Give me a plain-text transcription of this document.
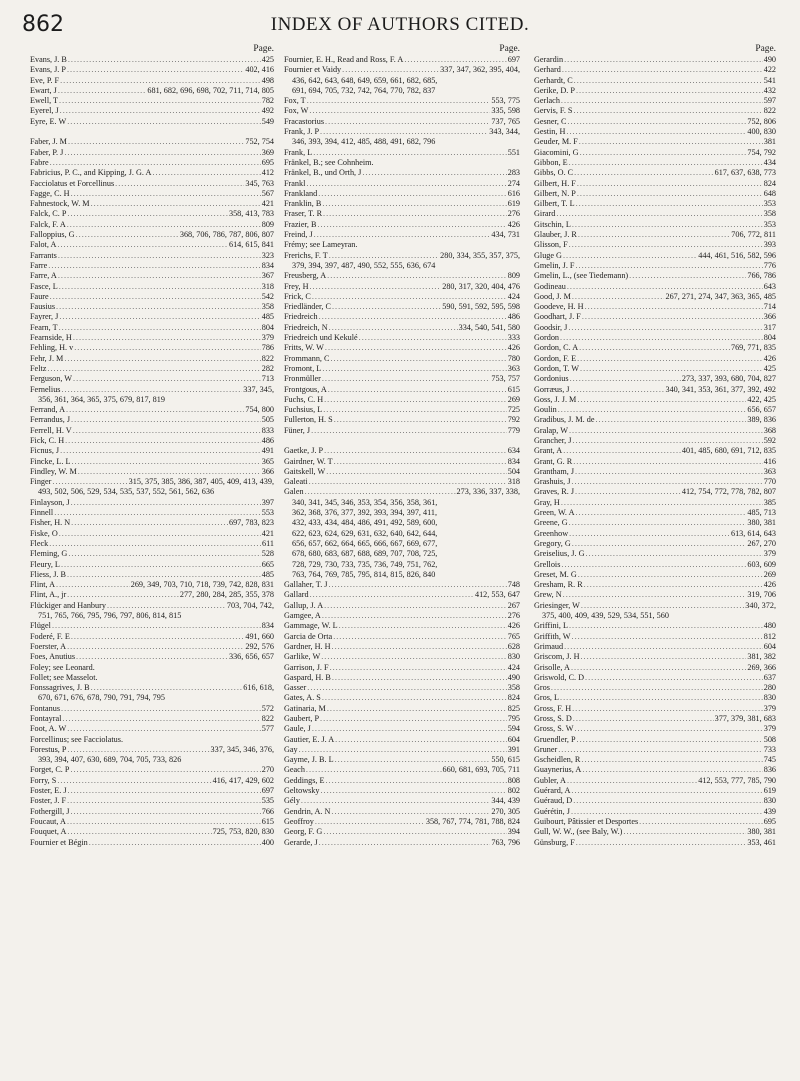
862	INDEX OF AUTHORS CITED.
Page.
Evans, J. B .....	425
Evans, J. P .....	402, 416
Eve, P. F .....	498
Ewart, J .....	681, 682, 696, 698, 702, 711, 714, 805
Ewell, T .....	782
Eyerel, J .....	492
Eyre, E. W .....	549
Faber, J. M .....	752, 754
Faber, P. J .....	369
Fabre .....	695
Fabricius, P. C., and Kipping, J. G. A .....	412
Facciolatus et Forcellinus .....	345, 763
Fagge, C. H .....	567
Fahnestock, W. M .....	421
Falck, C. P .....	358, 413, 783
Falck, F. A .....	809
Falloppius, G .....	368, 706, 786, 787, 806, 807
Falot, A .....	614, 615, 841
Farrants .....	323
Farre .....	834
Farre, A .....	367
Fasce, L .....	318
Faure .....	542
Fausius .....	358
Fayrer, J .....	485
Fearn, T .....	804
Fearnside, H .....	379
Fehling, H. v .....	786
Fehr, J. M .....	822
Feltz .....	282
Ferguson, W .....	713
Fernelius .....	337, 345,
356, 361, 364, 365, 375, 679, 817, 819
Ferrand, A .....	754, 800
Ferrandus, J .....	505
Ferrell, H. V .....	833
Fick, C. H .....	486
Ficnus, J .....	491
Fincke, L. L .....	365
Findley, W. M .....	366
Finger .....	315, 375, 385, 386, 387, 405, 409, 413, 439,
493, 502, 506, 529, 534, 535, 537, 552, 561, 562, 636
Finlayson, J .....	397
Finnell .....	553
Fisher, H. N .....	697, 783, 823
Fiske, O .....	421
Fleck .....	611
Fleming, G .....	528
Fleury, L .....	665
Fliess, J. B .....	485
Flint, A .....	269, 349, 703, 710, 718, 739, 742, 828, 831
Flint, A., jr .....	277, 280, 284, 285, 355, 378
Flückiger and Hanbury .....	703, 704, 742,
751, 765, 766, 795, 796, 797, 806, 814, 815
Flügel .....	834
Foderé, F. E .....	491, 660
Foerster, A .....	292, 576
Foes, Anutius .....	336, 656, 657
Foley; see Leonard.
Follet; see Masselot.
Fonssagrives, J. B .....	616, 618,
670, 671, 676, 678, 790, 791, 794, 795
Fontanus .....	572
Fontayral .....	822
Foot, A. W .....	577
Forcellinus; see Facciolatus.
Forestus, P .....	337, 345, 346, 376,
393, 394, 407, 630, 689, 704, 705, 733, 826
Forget, C. P .....	270
Forry, S .....	416, 417, 429, 602
Foster, E. J .....	697
Foster, J. F .....	535
Fothergill, J .....	766
Foucaut, A .....	615
Fouquet, A .....	725, 753, 820, 830
Fournier et Bégin .....	400
Page.
Fournier, E. H., Read and Ross, F. A .....	697
Fournier et Vaidy .....	337, 347, 362, 395, 404,
436, 642, 643, 648, 649, 659, 661, 682, 685,
691, 694, 705, 732, 742, 764, 770, 782, 837
Fox, T .....	553, 775
Fox, W .....	335, 598
Fracastorius .....	737, 765
Frank, J. P .....	343, 344,
346, 393, 394, 412, 485, 488, 491, 682, 796
Frank, L .....	551
Fränkel, B.; see Cohnheim.
Fränkel, B., und Orth, J .....	283
Frankl .....	274
Frankland .....	616
Franklin, B .....	619
Fraser, T. R .....	276
Frazier, B .....	426
Freind, J .....	434, 731
Frémy; see Lameyran.
Frerichs, F. T .....	280, 334, 355, 357, 375,
379, 394, 397, 487, 490, 552, 555, 636, 674
Freusberg, A .....	809
Frey, H .....	280, 317, 320, 404, 476
Frick, C .....	424
Friedländer, C .....	590, 591, 592, 595, 598
Friedreich .....	486
Friedreich, N .....	334, 540, 541, 580
Friedreich und Kekulé .....	333
Fritts, W. W .....	426
Frommann, C .....	780
Fromont, L .....	363
Fronmüller .....	753, 757
Frontgous, A .....	615
Fuchs, C. H .....	269
Fuchsius, L .....	725
Fullerton, H. S .....	792
Füner, J .....	779
Gaetke, J. P .....	634
Gairdner, W. T .....	834
Gaitskell, W .....	504
Galeati .....	318
Galen .....	273, 336, 337, 338,
340, 341, 345, 346, 353, 354, 356, 358, 361,
362, 368, 376, 377, 392, 393, 394, 397, 411,
432, 433, 434, 484, 486, 491, 492, 589, 600,
622, 623, 624, 629, 631, 632, 640, 642, 644,
656, 657, 662, 664, 665, 666, 667, 669, 677,
678, 680, 683, 687, 688, 689, 707, 708, 725,
728, 729, 730, 733, 735, 736, 749, 751, 762,
763, 764, 769, 785, 795, 814, 815, 826, 840
Gallaher, T. J .....	748
Gallard .....	412, 553, 647
Gallup, J. A .....	267
Gamgee, A .....	276
Gammage, W. L .....	426
Garcia de Orta .....	765
Gardner, H. H .....	628
Garlike, W .....	830
Garrison, J. F .....	424
Gaspard, H. B .....	490
Gasser .....	358
Gates, A. S .....	824
Gatinaria, M .....	825
Gaubert, P .....	795
Gaule, J .....	594
Gautier, E. J. A .....	604
Gay .....	391
Gayme, J. B. L .....	550, 615
Geach .....	660, 681, 693, 705, 711
Geddings, E .....	808
Geltowsky .....	802
Gély .....	344, 439
Gendrin, A. N .....	270, 305
Geoffroy .....	358, 767, 774, 781, 788, 824
Georg, F. G .....	394
Gerarde, J .....	763, 796
Page.
Gerardin .....	490
Gerhard .....	422
Gerhardt, C .....	541
Gerike, D. P .....	432
Gerlach .....	597
Gervis, F. S .....	822
Gesner, C .....	752, 806
Gestin, H .....	400, 830
Geuder, M. F .....	381
Giacomini, G .....	754, 792
Gibbon, E .....	434
Gibbs, O. C .....	617, 637, 638, 773
Gilbert, H. F .....	824
Gilbert, N. P .....	648
Gilbert, T. L .....	353
Girard .....	358
Gitschin, L .....	353
Glauber, J. R .....	706, 772, 811
Glisson, F .....	393
Gluge G .....	444, 461, 516, 582, 596
Gmelin, J. F .....	776
Gmelin, L., (see Tiedemann) .....	766, 786
Godineau .....	643
Good, J. M .....	267, 271, 274, 347, 363, 365, 485
Goodeve, H. H .....	714
Goodhart, J. F .....	366
Goodsir, J .....	317
Gordon .....	804
Gordon, C. A .....	769, 771, 835
Gordon, F. E .....	426
Gordon, T. W .....	425
Gordonius .....	273, 337, 393, 680, 704, 827
Gorræus, J .....	340, 341, 353, 361, 377, 392, 492
Goss, J. J. M .....	422, 425
Goulin .....	656, 657
Gradibus, J. M. de .....	389, 836
Gralap, W .....	368
Grancher, J .....	592
Grant, A .....	401, 485, 680, 691, 712, 835
Grant, G. R .....	416
Grantham, J .....	363
Grashuis, J .....	770
Graves, R. J .....	412, 754, 772, 778, 782, 807
Gray, H .....	385
Green, W. A .....	485, 713
Greene, G .....	380, 381
Greenhow .....	613, 614, 643
Gregory, G .....	267, 270
Greiselius, J. G .....	379
Grellois .....	603, 609
Greset, M. G .....	269
Gresham, R. R .....	426
Grew, N .....	319, 706
Griesinger, W .....	340, 372,
375, 400, 409, 439, 529, 534, 551, 560
Griffini, L .....	480
Griffith, W .....	812
Grimaud .....	604
Griscom, J. H .....	381, 382
Grisolle, A .....	269, 366
Griswold, C. D .....	637
Gros .....	280
Gros, L .....	830
Gross, F. H .....	379
Gross, S. D .....	377, 379, 381, 683
Gross, S. W .....	379
Gruendler, P .....	508
Gruner .....	733
Gscheidlen, R .....	745
Guaynerius, A .....	836
Gubler, A .....	412, 553, 777, 785, 790
Guérard, A .....	619
Guéraud, D .....	830
Guérétin, J .....	439
Guibourt, Pâtissier et Desportes .....	695
Gull, W. W., (see Baly, W.) .....	380, 381
Günsburg, F .....	353, 461
